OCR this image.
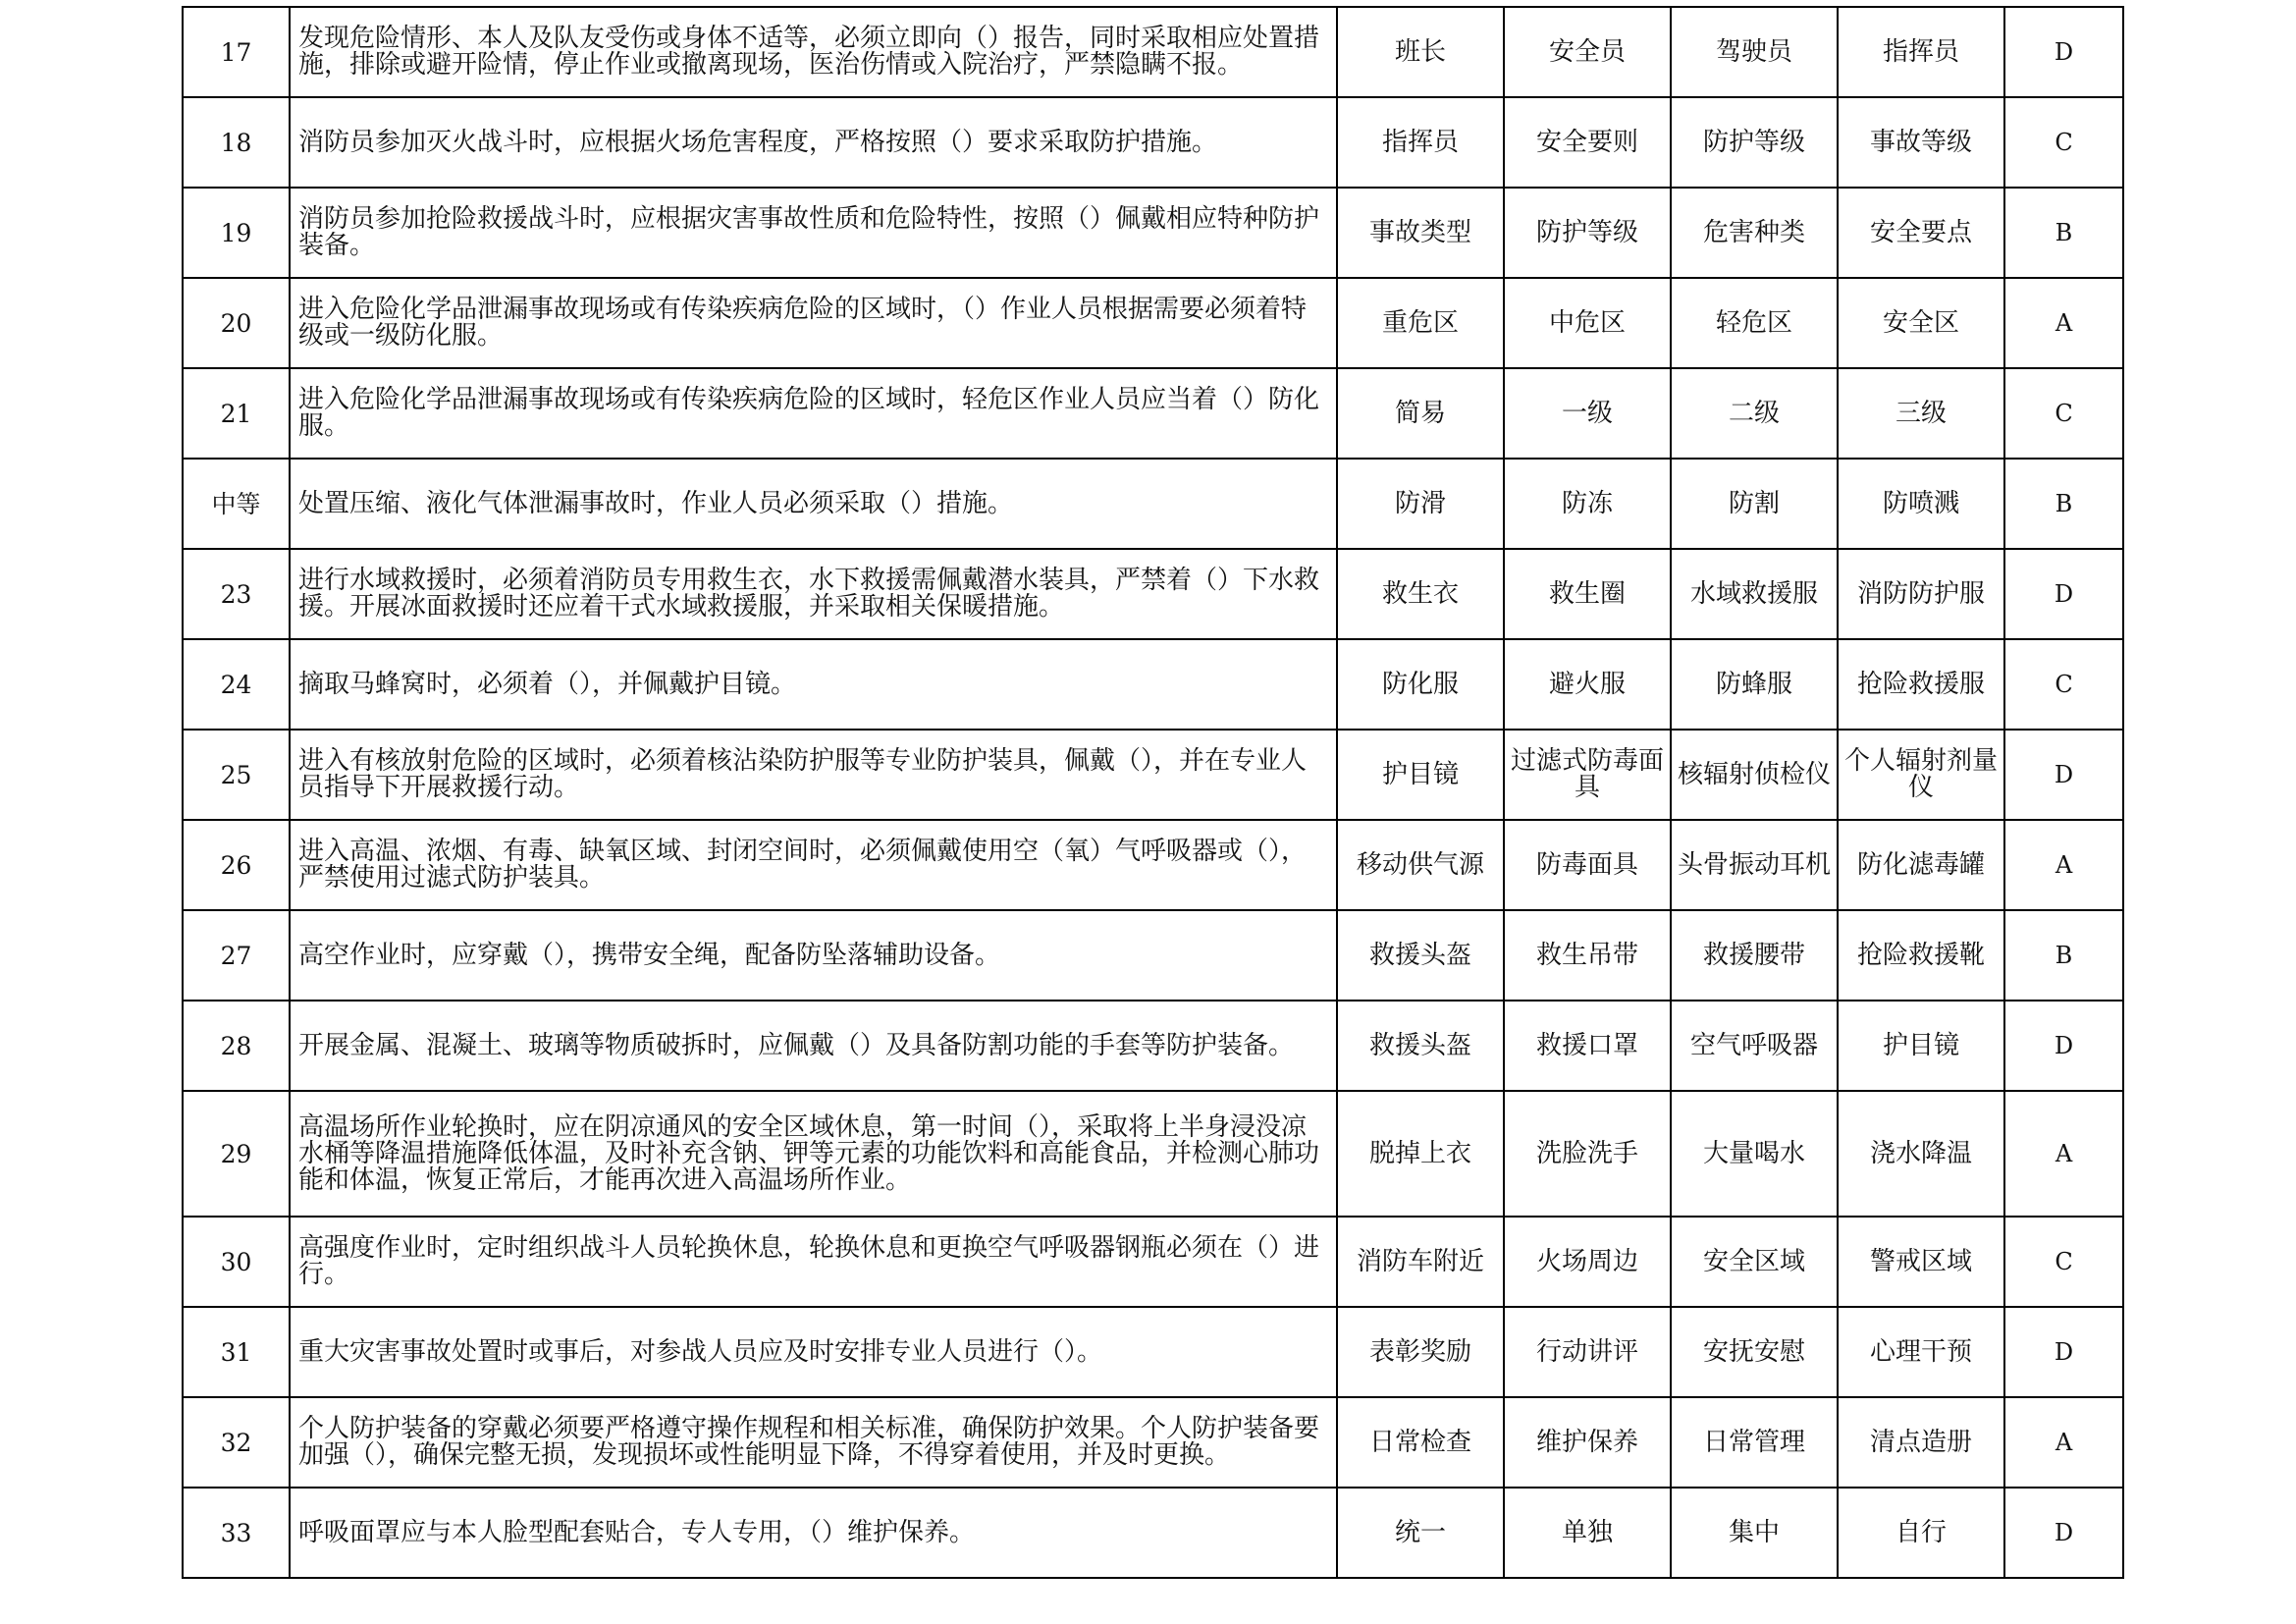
17	发现危险情形、本人及队友受伤或身体不适等，必须立即向（）报告，同时采取相应处置措施，排除或避开险情，停止作业或撤离现场，医治伤情或入院治疗，严禁隐瞒不报。	班长	安全员	驾驶员	指挥员	D
18	消防员参加灭火战斗时，应根据火场危害程度，严格按照（）要求采取防护措施。	指挥员	安全要则	防护等级	事故等级	C
19	消防员参加抢险救援战斗时，应根据灾害事故性质和危险特性，按照（）佩戴相应特种防护装备。	事故类型	防护等级	危害种类	安全要点	B
20	进入危险化学品泄漏事故现场或有传染疾病危险的区域时，（）作业人员根据需要必须着特级或一级防化服。	重危区	中危区	轻危区	安全区	A
21	进入危险化学品泄漏事故现场或有传染疾病危险的区域时，轻危区作业人员应当着（）防化服。	简易	一级	二级	三级	C
中等	处置压缩、液化气体泄漏事故时，作业人员必须采取（）措施。	防滑	防冻	防割	防喷溅	B
23	进行水域救援时，必须着消防员专用救生衣，水下救援需佩戴潜水装具，严禁着（）下水救援。开展冰面救援时还应着干式水域救援服，并采取相关保暖措施。	救生衣	救生圈	水域救援服	消防防护服	D
24	摘取马蜂窝时，必须着（），并佩戴护目镜。	防化服	避火服	防蜂服	抢险救援服	C
25	进入有核放射危险的区域时，必须着核沾染防护服等专业防护装具，佩戴（），并在专业人员指导下开展救援行动。	护目镜	过滤式防毒面具	核辐射侦检仪	个人辐射剂量仪	D
26	进入高温、浓烟、有毒、缺氧区域、封闭空间时，必须佩戴使用空（氧）气呼吸器或（），严禁使用过滤式防护装具。	移动供气源	防毒面具	头骨振动耳机	防化滤毒罐	A
27	高空作业时，应穿戴（），携带安全绳，配备防坠落辅助设备。	救援头盔	救生吊带	救援腰带	抢险救援靴	B
28	开展金属、混凝土、玻璃等物质破拆时，应佩戴（）及具备防割功能的手套等防护装备。	救援头盔	救援口罩	空气呼吸器	护目镜	D
29	高温场所作业轮换时，应在阴凉通风的安全区域休息，第一时间（），采取将上半身浸没凉水桶等降温措施降低体温，及时补充含钠、钾等元素的功能饮料和高能食品，并检测心肺功能和体温，恢复正常后，才能再次进入高温场所作业。	脱掉上衣	洗脸洗手	大量喝水	浇水降温	A
30	高强度作业时，定时组织战斗人员轮换休息，轮换休息和更换空气呼吸器钢瓶必须在（）进行。	消防车附近	火场周边	安全区域	警戒区域	C
31	重大灾害事故处置时或事后，对参战人员应及时安排专业人员进行（）。	表彰奖励	行动讲评	安抚安慰	心理干预	D
32	个人防护装备的穿戴必须要严格遵守操作规程和相关标准，确保防护效果。个人防护装备要加强（），确保完整无损，发现损坏或性能明显下降，不得穿着使用，并及时更换。	日常检查	维护保养	日常管理	清点造册	A
33	呼吸面罩应与本人脸型配套贴合，专人专用，（）维护保养。	统一	单独	集中	自行	D
